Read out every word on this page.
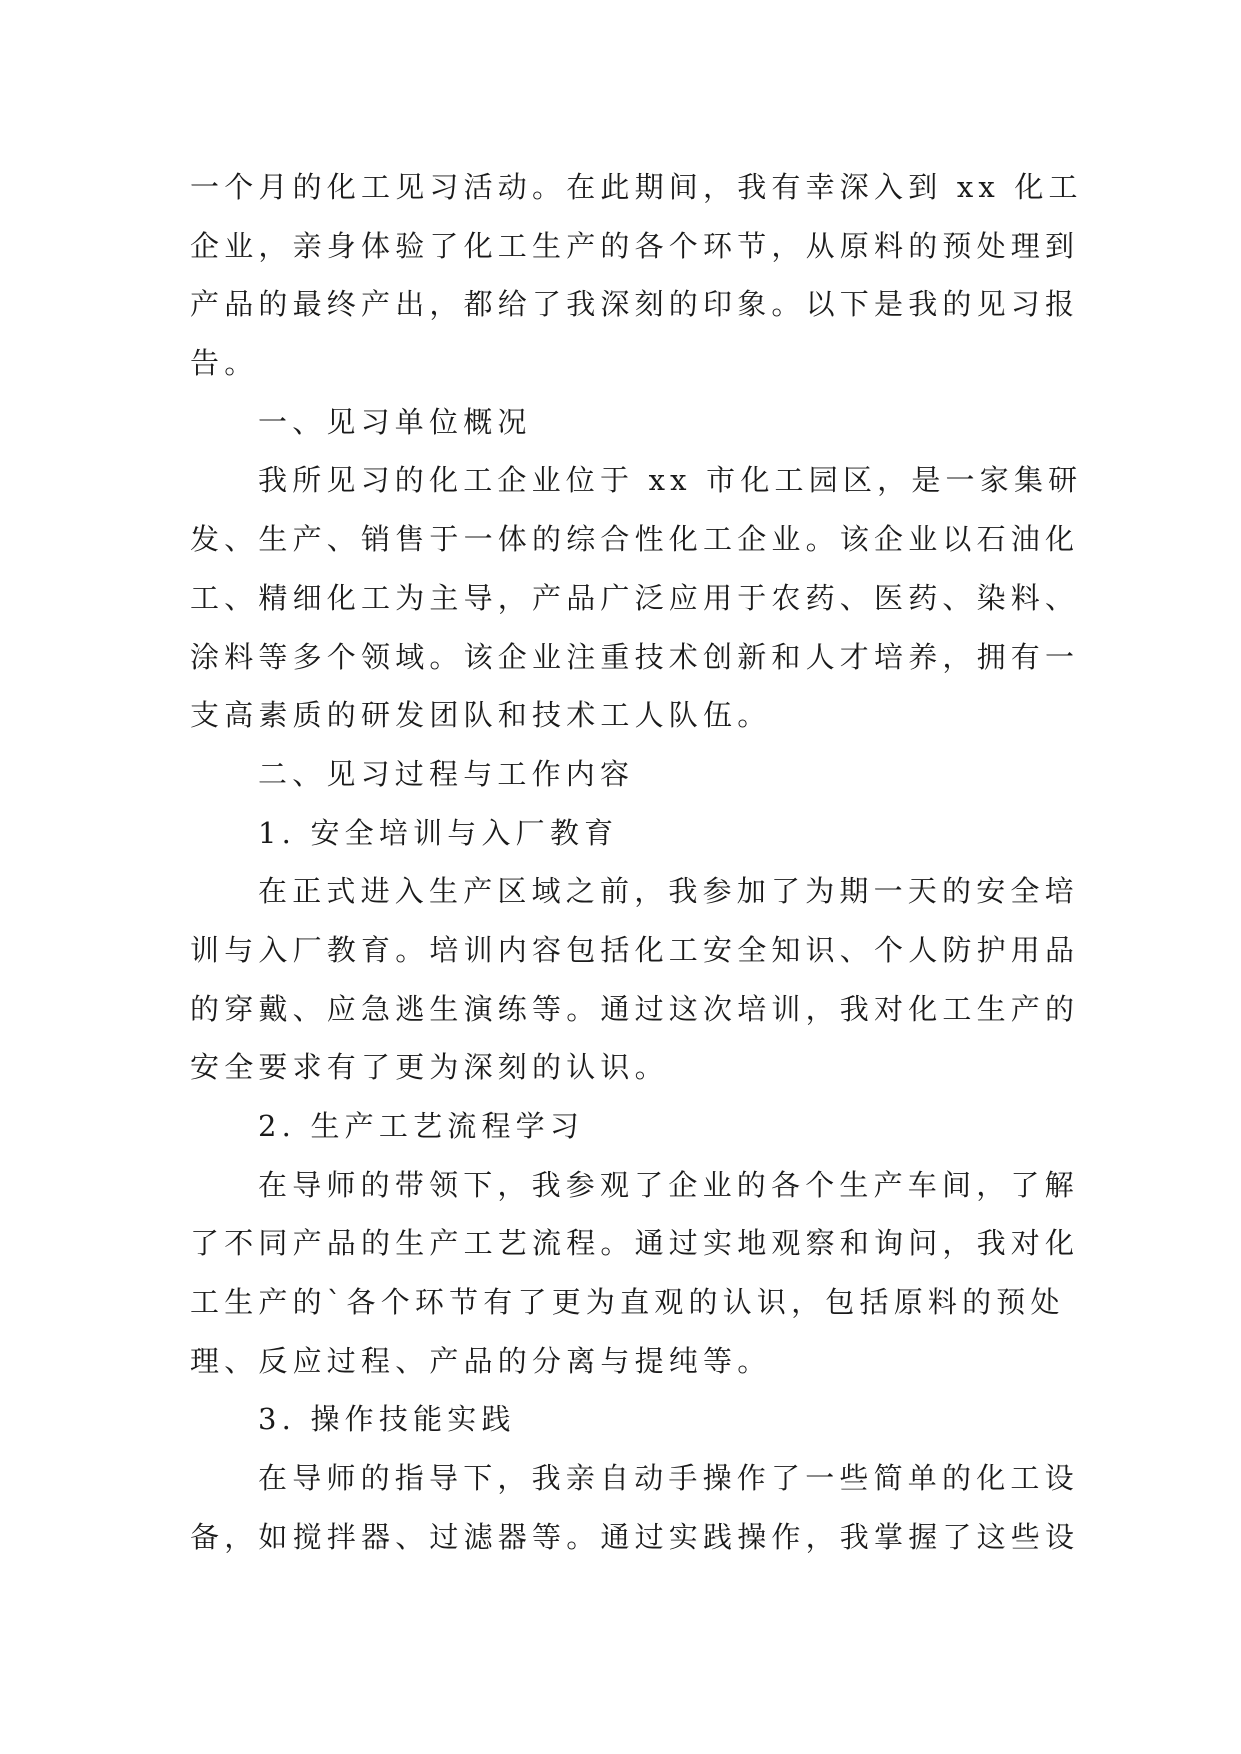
一个月的化工见习活动。在此期间，我有幸深入到 xx 化工
企业，亲身体验了化工生产的各个环节，从原料的预处理到
产品的最终产出，都给了我深刻的印象。以下是我的见习报
告。
一、见习单位概况
我所见习的化工企业位于 xx 市化工园区，是一家集研
发、生产、销售于一体的综合性化工企业。该企业以石油化
工、精细化工为主导，产品广泛应用于农药、医药、染料、
涂料等多个领域。该企业注重技术创新和人才培养，拥有一
支高素质的研发团队和技术工人队伍。
二、见习过程与工作内容
1. 安全培训与入厂教育
在正式进入生产区域之前，我参加了为期一天的安全培
训与入厂教育。培训内容包括化工安全知识、个人防护用品
的穿戴、应急逃生演练等。通过这次培训，我对化工生产的
安全要求有了更为深刻的认识。
2. 生产工艺流程学习
在导师的带领下，我参观了企业的各个生产车间，了解
了不同产品的生产工艺流程。通过实地观察和询问，我对化
工生产的`各个环节有了更为直观的认识，包括原料的预处
理、反应过程、产品的分离与提纯等。
3. 操作技能实践
在导师的指导下，我亲自动手操作了一些简单的化工设
备，如搅拌器、过滤器等。通过实践操作，我掌握了这些设
